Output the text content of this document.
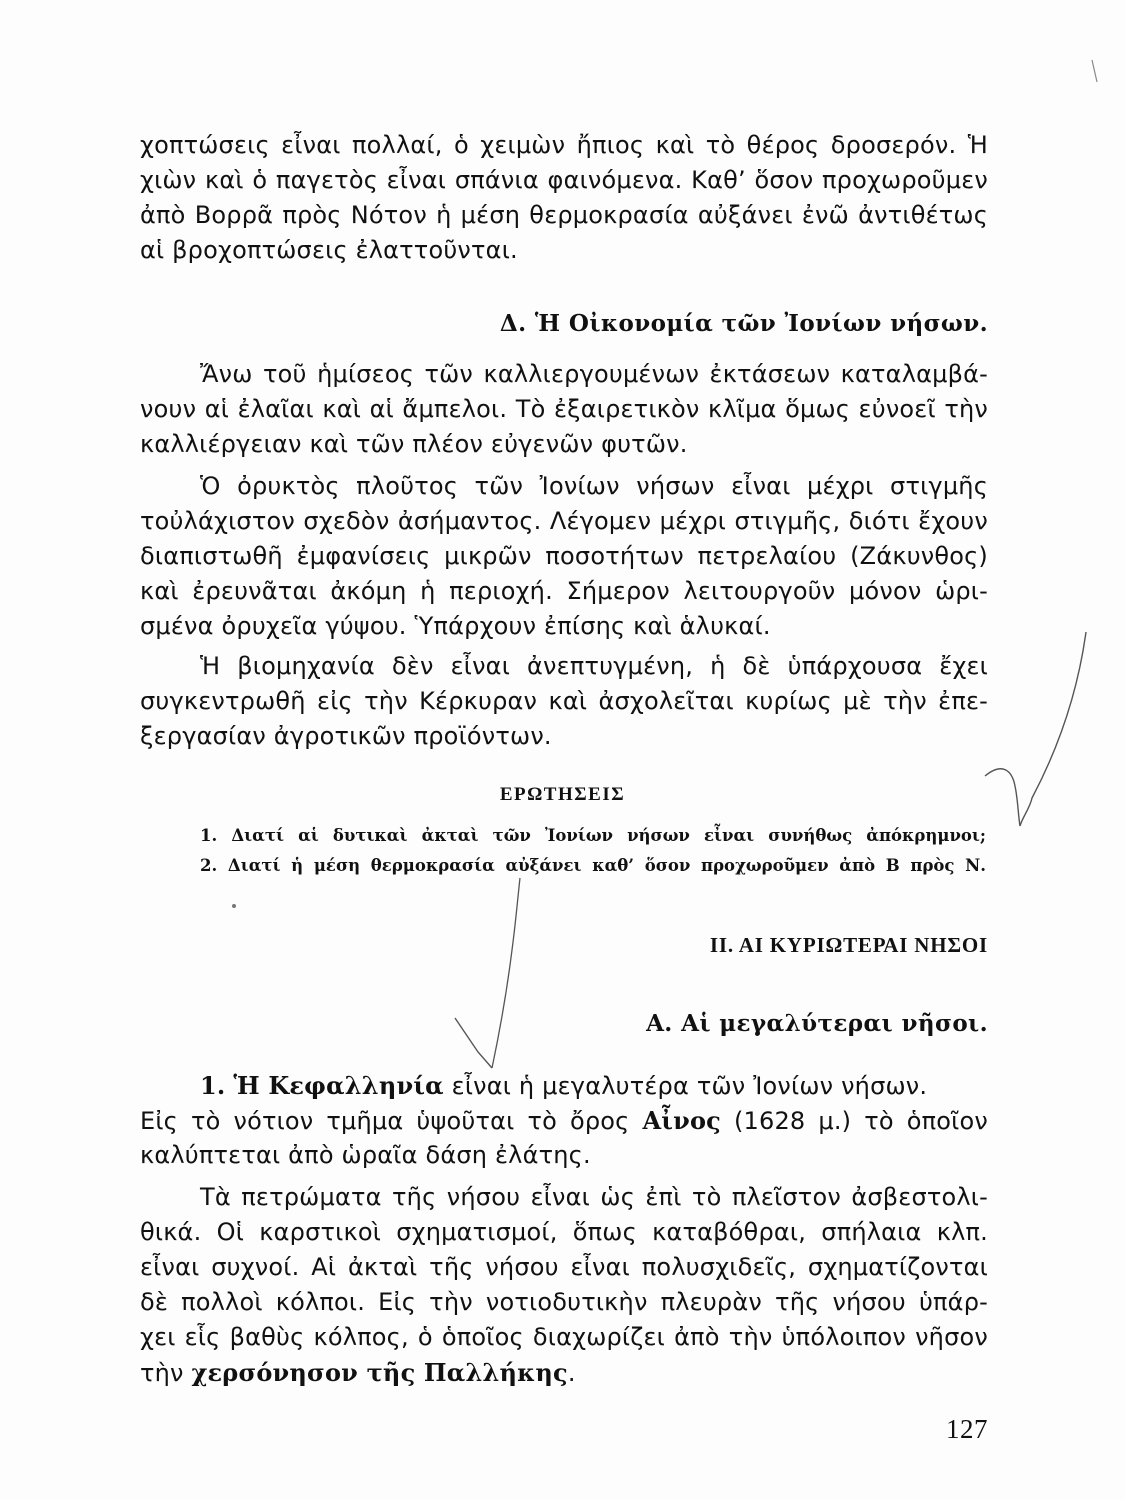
χοπτώσεις εἶναι πολλαί, ὁ χειμὼν ἤπιος καὶ τὸ θέρος δροσερόν. Ἡ
χιὼν καὶ ὁ παγετὸς εἶναι σπάνια φαινόμενα. Καθ’ ὅσον προχωροῦμεν
ἀπὸ Βορρᾶ πρὸς Νότον ἡ μέση θερμοκρασία αὐξάνει ἐνῶ ἀντιθέτως
αἱ βροχοπτώσεις ἐλαττοῦνται.
Δ. Ἡ Οἰκονομία τῶν Ἰονίων νήσων.
Ἄνω τοῦ ἡμίσεος τῶν καλλιεργουμένων ἐκτάσεων καταλαμβά-
νουν αἱ ἐλαῖαι καὶ αἱ ἄμπελοι. Τὸ ἐξαιρετικὸν κλῖμα ὅμως εὐνοεῖ τὴν
καλλιέργειαν καὶ τῶν πλέον εὐγενῶν φυτῶν.
Ὁ ὀρυκτὸς πλοῦτος τῶν Ἰονίων νήσων εἶναι μέχρι στιγμῆς
τοὐλάχιστον σχεδὸν ἀσήμαντος. Λέγομεν μέχρι στιγμῆς, διότι ἔχουν
διαπιστωθῆ ἐμφανίσεις μικρῶν ποσοτήτων πετρελαίου (Ζάκυνθος)
καὶ ἐρευνᾶται ἀκόμη ἡ περιοχή. Σήμερον λειτουργοῦν μόνον ὡρι-
σμένα ὀρυχεῖα γύψου. Ὑπάρχουν ἐπίσης καὶ ἁλυκαί.
Ἡ βιομηχανία δὲν εἶναι ἀνεπτυγμένη, ἡ δὲ ὑπάρχουσα ἔχει
συγκεντρωθῆ εἰς τὴν Κέρκυραν καὶ ἀσχολεῖται κυρίως μὲ τὴν ἐπε-
ξεργασίαν ἀγροτικῶν προϊόντων.
ΕΡΩΤΗΣΕΙΣ
1. Διατί αἱ δυτικαὶ ἀκταὶ τῶν Ἰονίων νήσων εἶναι συνήθως ἀπόκρημνοι;
2. Διατί ἡ μέση θερμοκρασία αὐξάνει καθ’ ὅσον προχωροῦμεν ἀπὸ Β πρὸς Ν.
ΙΙ. ΑΙ ΚΥΡΙΩΤΕΡΑΙ ΝΗΣΟΙ
Α. Αἱ μεγαλύτεραι νῆσοι.
1. Ἡ Κεφαλληνία εἶναι ἡ μεγαλυτέρα τῶν Ἰονίων νήσων.
Εἰς τὸ νότιον τμῆμα ὑψοῦται τὸ ὄρος Αἶνος (1628 μ.) τὸ ὁποῖον
καλύπτεται ἀπὸ ὡραῖα δάση ἐλάτης.
Τὰ πετρώματα τῆς νήσου εἶναι ὡς ἐπὶ τὸ πλεῖστον ἀσβεστολι-
θικά. Οἱ καρστικοὶ σχηματισμοί, ὅπως καταβόθραι, σπήλαια κλπ.
εἶναι συχνοί. Αἱ ἀκταὶ τῆς νήσου εἶναι πολυσχιδεῖς, σχηματίζονται
δὲ πολλοὶ κόλποι. Εἰς τὴν νοτιοδυτικὴν πλευρὰν τῆς νήσου ὑπάρ-
χει εἷς βαθὺς κόλπος, ὁ ὁποῖος διαχωρίζει ἀπὸ τὴν ὑπόλοιπον νῆσον
τὴν χερσόνησον τῆς Παλλήκης.
127
